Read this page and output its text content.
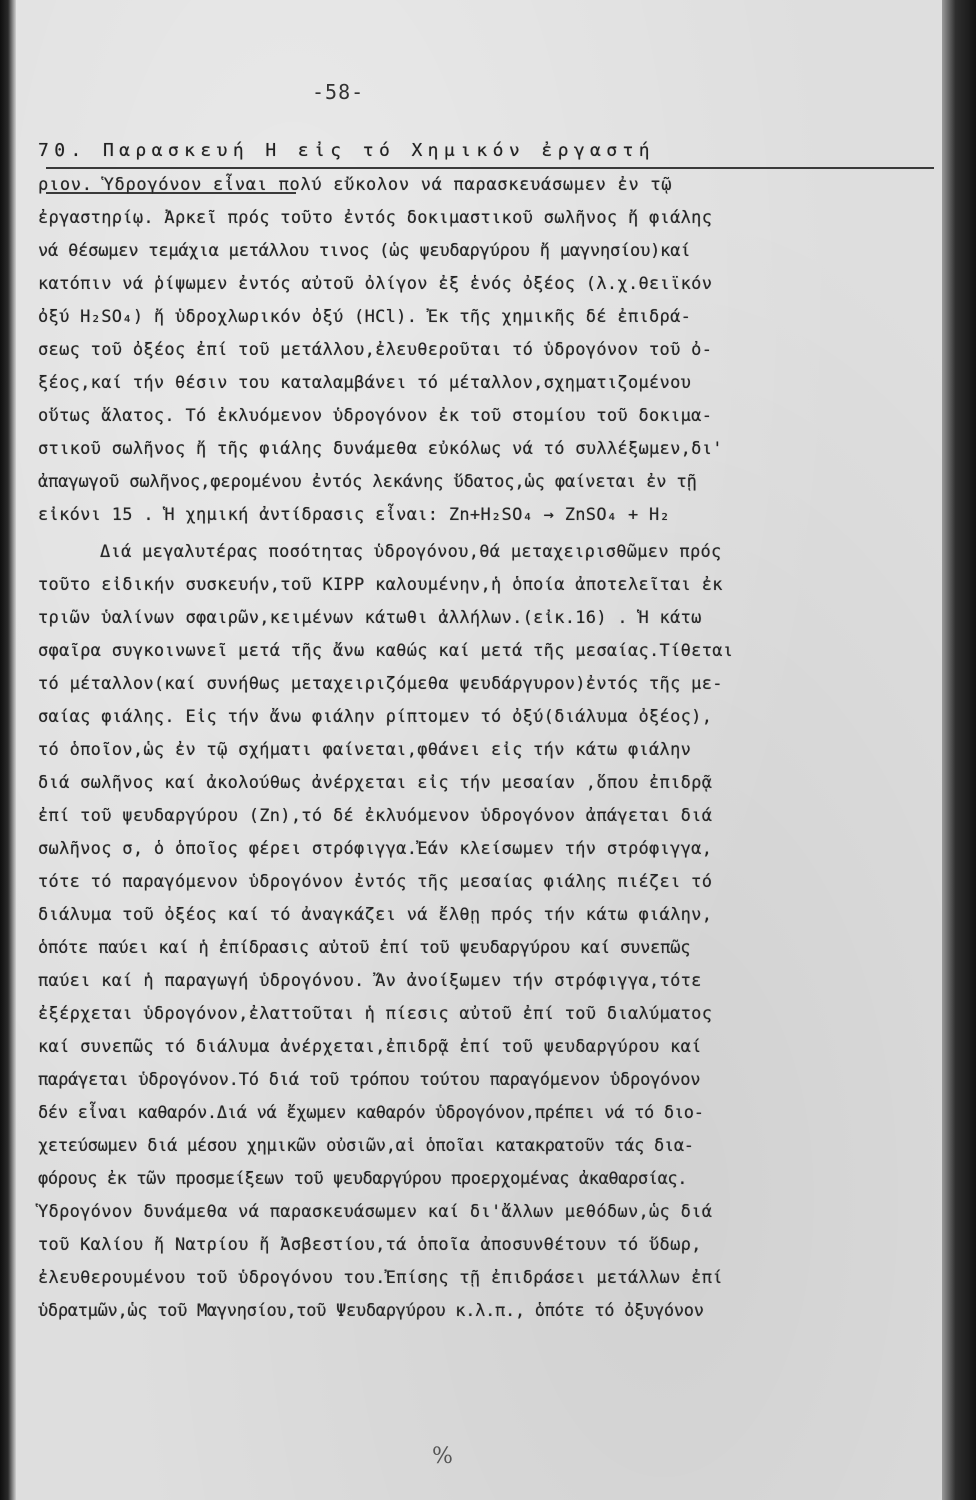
-58-
70. Παρασκευή Η εἰς τό Χημικόν ἐργαστή
ριον. Ὑδρογόνον εἶναι πολύ εὔκολον νά παρασκευάσωμεν ἐν τῷ
ἐργαστηρίῳ. Ἀρκεῖ πρός τοῦτο ἐντός δοκιμαστικοῦ σωλῆνος ἤ φιάλης
νά θέσωμεν τεμάχια μετάλλου τινος (ὡς ψευδαργύρου ἤ μαγνησίου)καί
κατόπιν νά ῥίψωμεν ἐντός αὐτοῦ ὀλίγον ἐξ ἑνός ὀξέος (λ.χ.θειϊκόν
ὀξύ H₂SO₄) ἤ ὑδροχλωρικόν ὀξύ (HCl). Ἐκ τῆς χημικῆς δέ ἐπιδρά-
σεως τοῦ ὀξέος ἐπί τοῦ μετάλλου,ἐλευθεροῦται τό ὑδρογόνον τοῦ ὀ-
ξέος,καί τήν θέσιν του καταλαμβάνει τό μέταλλον,σχηματιζομένου
οὕτως ἅλατος. Τό ἐκλυόμενον ὑδρογόνον ἐκ τοῦ στομίου τοῦ δοκιμα-
στικοῦ σωλῆνος ἤ τῆς φιάλης δυνάμεθα εὐκόλως νά τό συλλέξωμεν,δι'
ἀπαγωγοῦ σωλῆνος,φερομένου ἐντός λεκάνης ὕδατος,ὡς φαίνεται ἐν τῇ
εἰκόνι 15 . Ἡ χημική ἀντίδρασις εἶναι: Zn+H₂SO₄ → ZnSO₄ + H₂
Διά μεγαλυτέρας ποσότητας ὑδρογόνου,θά μεταχειρισθῶμεν πρός
τοῦτο εἰδικήν συσκευήν,τοῦ KIPP καλουμένην,ἡ ὁποία ἀποτελεῖται ἐκ
τριῶν ὑαλίνων σφαιρῶν,κειμένων κάτωθι ἀλλήλων.(εἰκ.16) . Ἡ κάτω
σφαῖρα συγκοινωνεῖ μετά τῆς ἄνω καθώς καί μετά τῆς μεσαίας.Τίθεται
τό μέταλλον(καί συνήθως μεταχειριζόμεθα ψευδάργυρον)ἐντός τῆς με-
σαίας φιάλης. Εἰς τήν ἄνω φιάλην ρίπτομεν τό ὀξύ(διάλυμα ὀξέος),
τό ὁποῖον,ὡς ἐν τῷ σχήματι φαίνεται,φθάνει εἰς τήν κάτω φιάλην
διά σωλῆνος καί ἀκολούθως ἀνέρχεται εἰς τήν μεσαίαν ,ὅπου ἐπιδρᾷ
ἐπί τοῦ ψευδαργύρου (Zn),τό δέ ἐκλυόμενον ὑδρογόνον ἀπάγεται διά
σωλῆνος σ, ὁ ὁποῖος φέρει στρόφιγγα.Ἐάν κλείσωμεν τήν στρόφιγγα,
τότε τό παραγόμενον ὑδρογόνον ἐντός τῆς μεσαίας φιάλης πιέζει τό
διάλυμα τοῦ ὀξέος καί τό ἀναγκάζει νά ἔλθῃ πρός τήν κάτω φιάλην,
ὁπότε παύει καί ἡ ἐπίδρασις αὐτοῦ ἐπί τοῦ ψευδαργύρου καί συνεπῶς
παύει καί ἡ παραγωγή ὑδρογόνου. Ἄν ἀνοίξωμεν τήν στρόφιγγα,τότε
ἐξέρχεται ὑδρογόνον,ἐλαττοῦται ἡ πίεσις αὐτοῦ ἐπί τοῦ διαλύματος
καί συνεπῶς τό διάλυμα ἀνέρχεται,ἐπιδρᾷ ἐπί τοῦ ψευδαργύρου καί
παράγεται ὑδρογόνον.Τό διά τοῦ τρόπου τούτου παραγόμενον ὑδρογόνον
δέν εἶναι καθαρόν.Διά νά ἔχωμεν καθαρόν ὑδρογόνον,πρέπει νά τό διο-
χετεύσωμεν διά μέσου χημικῶν οὐσιῶν,αἱ ὁποῖαι κατακρατοῦν τάς δια-
φόρους ἐκ τῶν προσμείξεων τοῦ ψευδαργύρου προερχομένας ἀκαθαρσίας.
Ὑδρογόνον δυνάμεθα νά παρασκευάσωμεν καί δι'ἄλλων μεθόδων,ὡς διά
τοῦ Καλίου ἤ Νατρίου ἤ Ἀσβεστίου,τά ὁποῖα ἀποσυνθέτουν τό ὕδωρ,
ἐλευθερουμένου τοῦ ὑδρογόνου του.Ἐπίσης τῇ ἐπιδράσει μετάλλων ἐπί
ὑδρατμῶν,ὡς τοῦ Μαγνησίου,τοῦ Ψευδαργύρου κ.λ.π., ὁπότε τό ὀξυγόνον
%
